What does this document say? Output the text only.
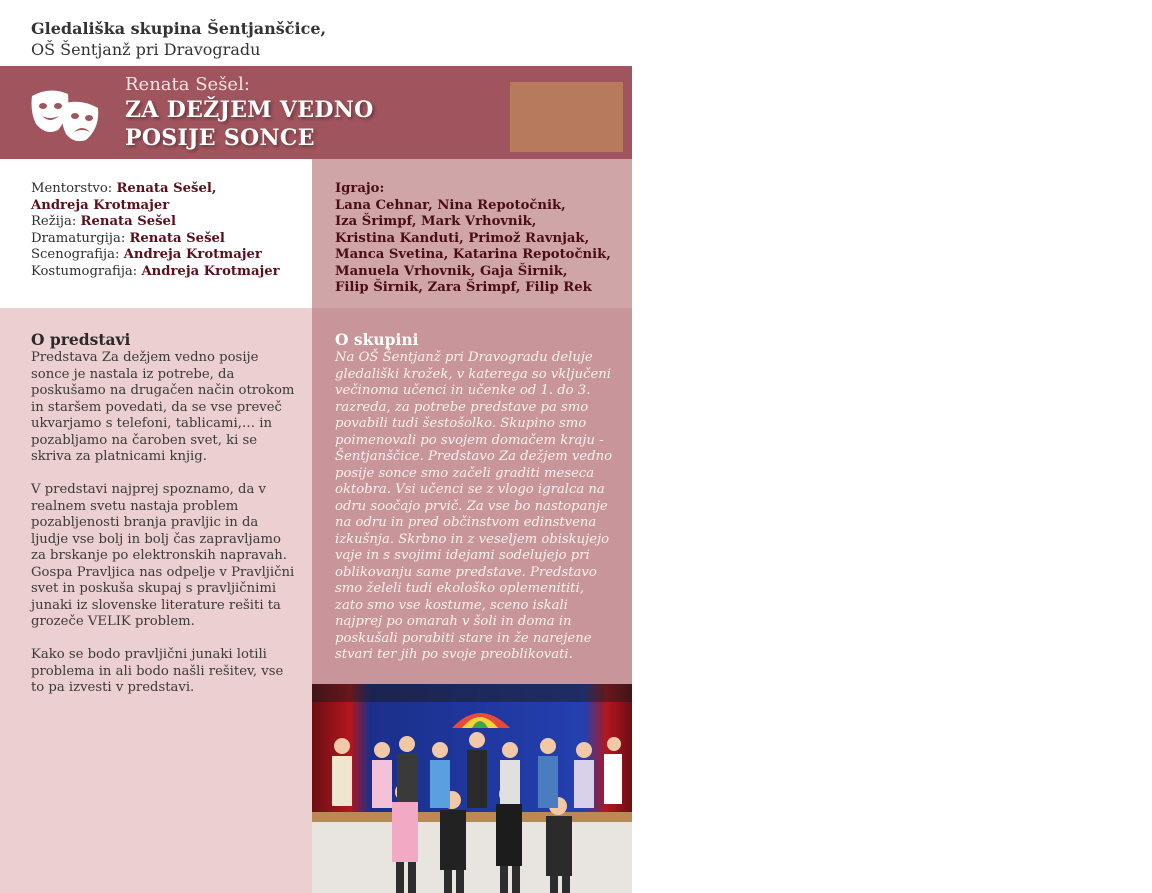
Gledališka skupina Šentjanščice,
OŠ Šentjanž pri Dravogradu
Renata Sešel:
ZA DEŽJEM VEDNO
POSIJE SONCE
Mentorstvo: Renata Sešel,
Andreja Krotmajer
Režija: Renata Sešel
Dramaturgija: Renata Sešel
Scenografija: Andreja Krotmajer
Kostumografija: Andreja Krotmajer
Igrajo:
Lana Cehnar, Nina Repotočnik,
Iza Šrimpf, Mark Vrhovnik,
Kristina Kanduti, Primož Ravnjak,
Manca Svetina, Katarina Repotočnik,
Manuela Vrhovnik, Gaja Širnik,
Filip Širnik, Zara Šrimpf, Filip Rek
O predstavi

Predstava Za dežjem vedno posije sonce je nastala iz potrebe, da poskušamo na drugačen način otrokom in staršem povedati, da se vse preveč ukvarjamo s telefoni, tablicami,… in pozabljamo na čaroben svet, ki se skriva za platnicami knjig.

V predstavi najprej spoznamo, da v realnem svetu nastaja problem pozabljenosti branja pravljic in da ljudje vse bolj in bolj čas zapravljamo za brskanje po elektronskih napravah. Gospa Pravljica nas odpelje v Pravljični svet in poskuša skupaj s pravljičnimi junaki iz slovenske literature rešiti ta grozeče VELIK problem.

Kako se bodo pravljični junaki lotili problema in ali bodo našli rešitev, vse to pa izvesti v predstavi.

O skupini
Na OŠ Šentjanž pri Dravogradu deluje gledališki krožek, v katerega so vključeni večinoma učenci in učenke od 1. do 3. razreda, za potrebe predstave pa smo povabili tudi šestošolko. Skupino smo poimenovali po svojem domačem kraju - Šentjanščice. Predstavo Za dežjem vedno posije sonce smo začeli graditi meseca oktobra. Vsi učenci se z vlogo igralca na odru soočajo prvič. Za vse bo nastopanje na odru in pred občinstvom edinstvena izkušnja. Skrbno in z veseljem obiskujejo vaje in s svojimi idejami sodelujejo pri oblikovanju same predstave. Predstavo smo želeli tudi ekološko oplemenititi, zato smo vse kostume, sceno iskali najprej po omarah v šoli in doma in poskušali porabiti stare in že narejene stvari ter jih po svoje preoblikovati.
